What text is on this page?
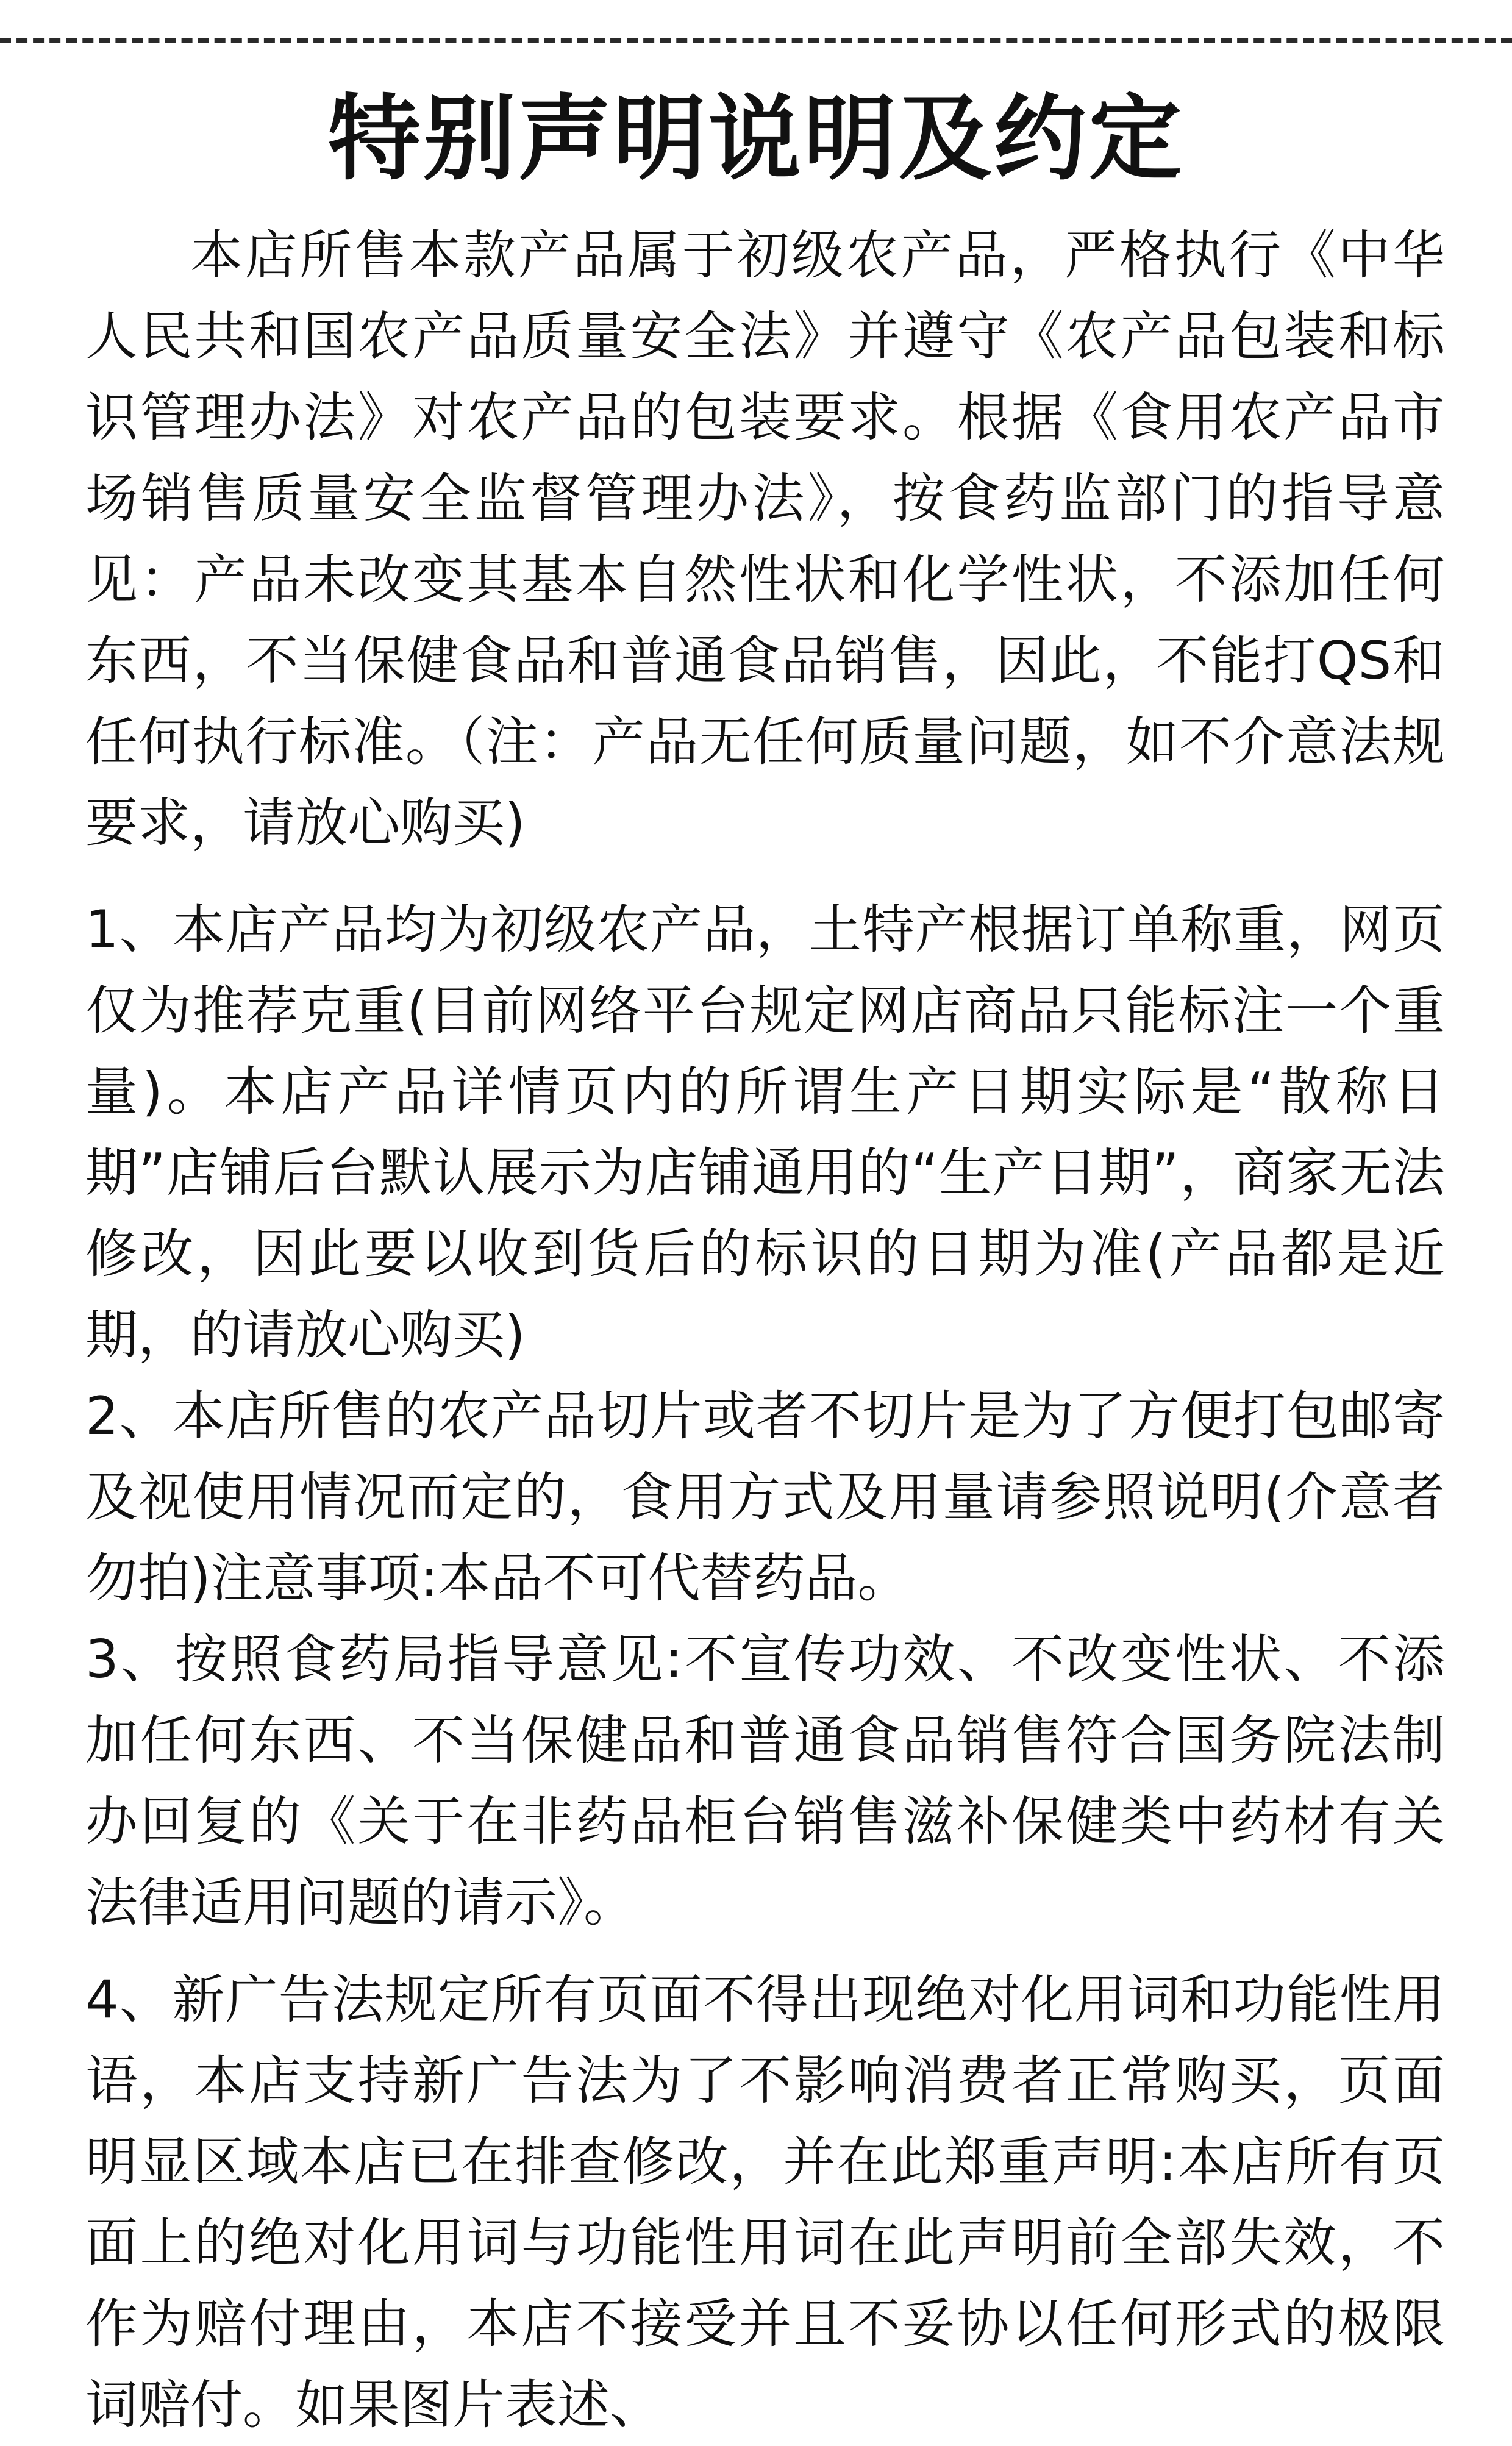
特别声明说明及约定

本店所售本款产品属于初级农产品，严格执行《中华人民共和国农产品质量安全法》并遵守《农产品包装和标识管理办法》对农产品的包装要求。根据《食用农产品市场销售质量安全监督管理办法》，按食药监部门的指导意见：产品未改变其基本自然性状和化学性状，不添加任何东西，不当保健食品和普通食品销售，因此，不能打QS和任何执行标准。（注：产品无任何质量问题，如不介意法规要求，请放心购买)

1、本店产品均为初级农产品，土特产根据订单称重，网页仅为推荐克重(目前网络平台规定网店商品只能标注一个重量)。本店产品详情页内的所谓生产日期实际是“散称日期”店铺后台默认展示为店铺通用的“生产日期”，商家无法修改，因此要以收到货后的标识的日期为准(产品都是近期，的请放心购买)

2、本店所售的农产品切片或者不切片是为了方便打包邮寄及视使用情况而定的，食用方式及用量请参照说明(介意者勿拍)注意事项:本品不可代替药品。

3、按照食药局指导意见:不宣传功效、不改变性状、不添加任何东西、不当保健品和普通食品销售符合国务院法制办回复的《关于在非药品柜台销售滋补保健类中药材有关法律适用问题的请示》。

4、新广告法规定所有页面不得出现绝对化用词和功能性用语，本店支持新广告法为了不影响消费者正常购买，页面明显区域本店已在排查修改，并在此郑重声明:本店所有页面上的绝对化用词与功能性用词在此声明前全部失效，不作为赔付理由，本店不接受并且不妥协以任何形式的极限词赔付。如果图片表述、
